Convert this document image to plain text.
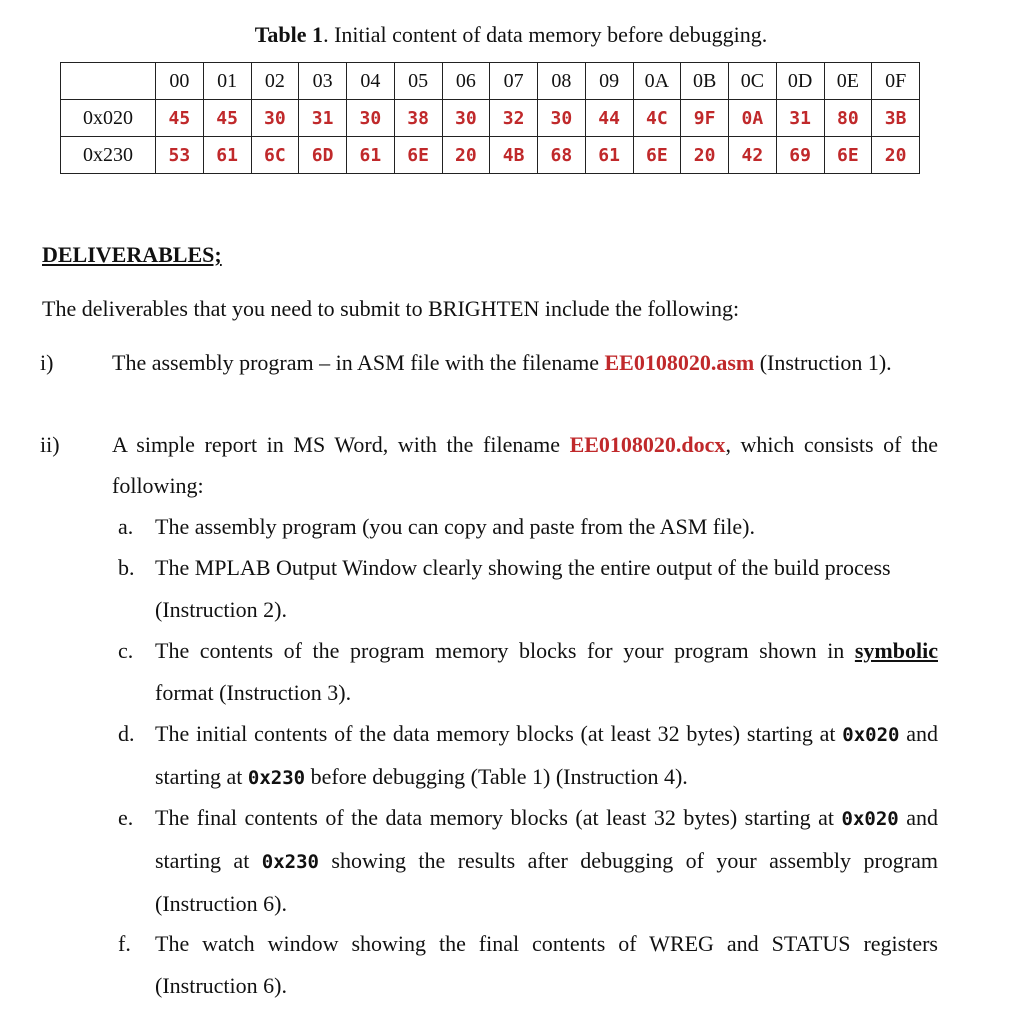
Table 1. Initial content of data memory before debugging.
	00	01	02	03	04	05	06	07	08	09	0A	0B	0C	0D	0E	0F
0x020	45	45	30	31	30	38	30	32	30	44	4C	9F	0A	31	80	3B
0x230	53	61	6C	6D	61	6E	20	4B	68	61	6E	20	42	69	6E	20
DELIVERABLES;
The deliverables that you need to submit to BRIGHTEN include the following:
i)	The assembly program – in ASM file with the filename EE0108020.asm (Instruction 1).
ii) A simple report in MS Word, with the filename EE0108020.docx, which consists of the following:
a. The assembly program (you can copy and paste from the ASM file).
b. The MPLAB Output Window clearly showing the entire output of the build process (Instruction 2).
c. The contents of the program memory blocks for your program shown in symbolic format (Instruction 3).
d. The initial contents of the data memory blocks (at least 32 bytes) starting at 0x020 and starting at 0x230 before debugging (Table 1) (Instruction 4).
e. The final contents of the data memory blocks (at least 32 bytes) starting at 0x020 and starting at 0x230 showing the results after debugging of your assembly program (Instruction 6).
f. The watch window showing the final contents of WREG and STATUS registers (Instruction 6).
